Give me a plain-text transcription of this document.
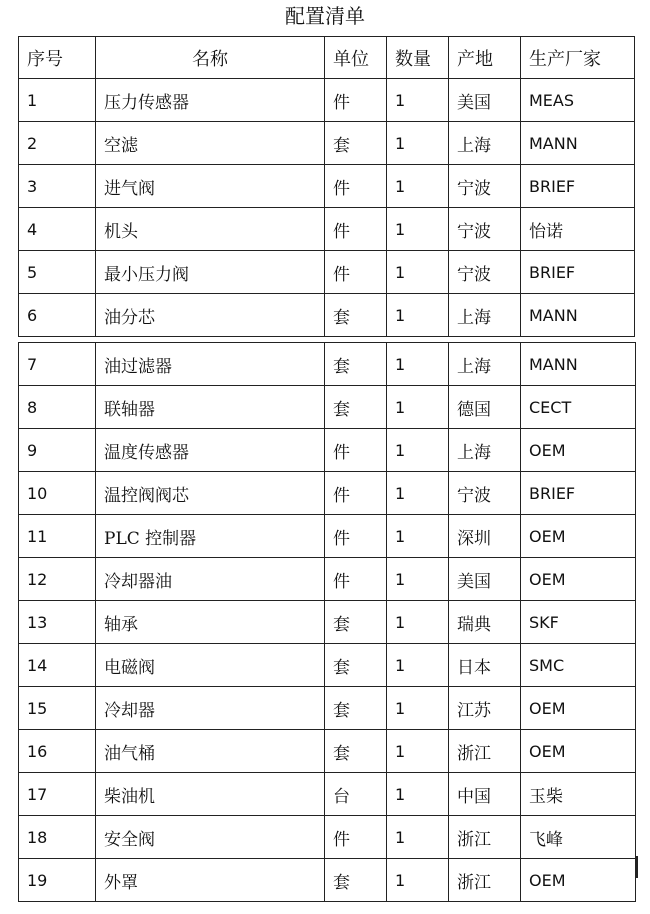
配置清单
序号	名称	单位	数量	产地	生产厂家
1	压力传感器	件	1	美国	MEAS
2	空滤	套	1	上海	MANN
3	进气阀	件	1	宁波	BRIEF
4	机头	件	1	宁波	怡诺
5	最小压力阀	件	1	宁波	BRIEF
6	油分芯	套	1	上海	MANN
7	油过滤器	套	1	上海	MANN
8	联轴器	套	1	德国	CECT
9	温度传感器	件	1	上海	OEM
10	温控阀阀芯	件	1	宁波	BRIEF
11	PLC 控制器	件	1	深圳	OEM
12	冷却器油	件	1	美国	OEM
13	轴承	套	1	瑞典	SKF
14	电磁阀	套	1	日本	SMC
15	冷却器	套	1	江苏	OEM
16	油气桶	套	1	浙江	OEM
17	柴油机	台	1	中国	玉柴
18	安全阀	件	1	浙江	飞峰
19	外罩	套	1	浙江	OEM
